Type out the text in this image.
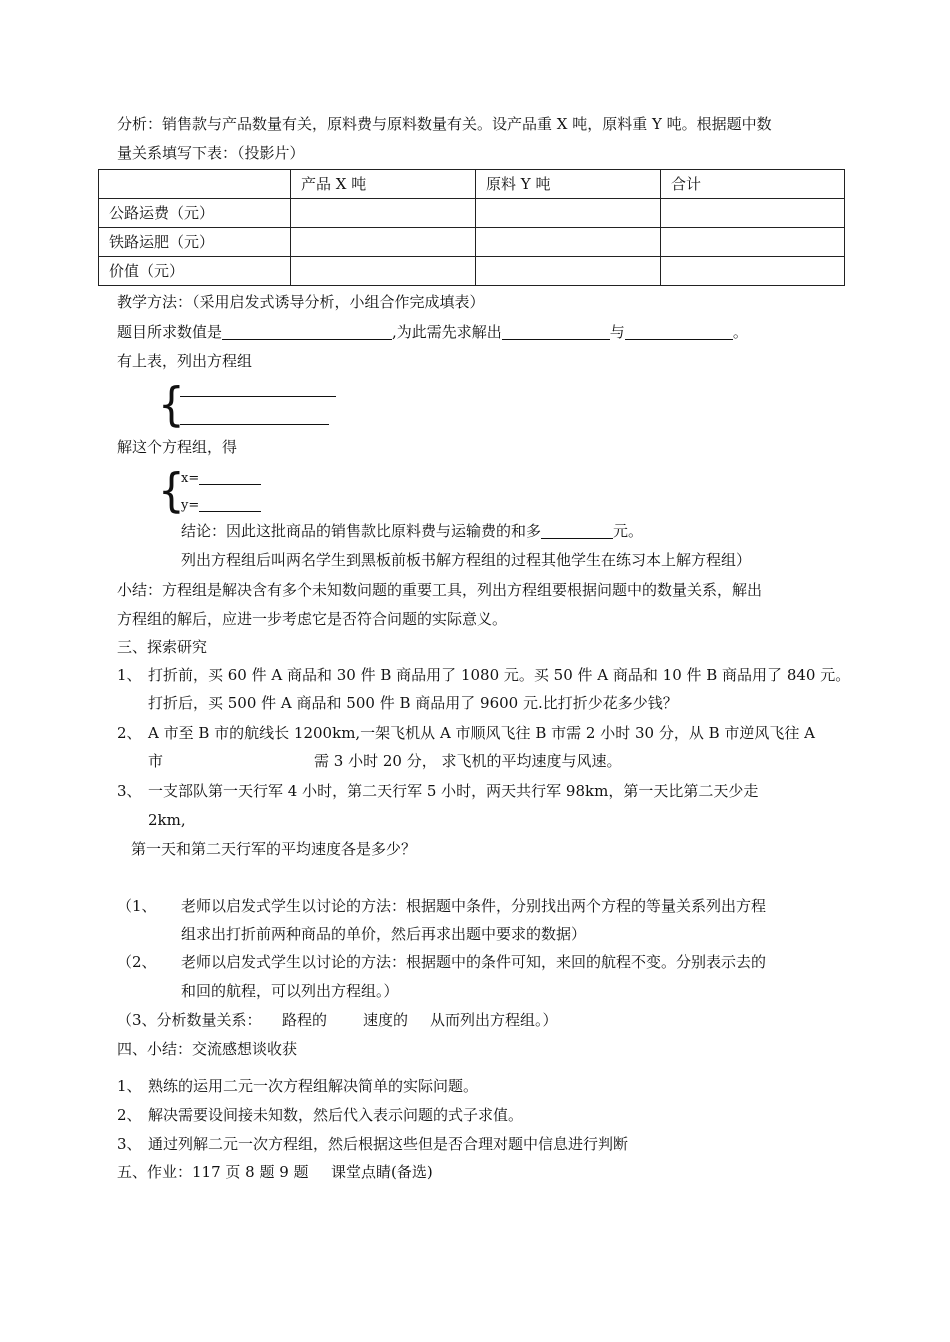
分析：销售款与产品数量有关，原料费与原料数量有关。设产品重 X 吨，原料重 Y 吨。根据题中数
量关系填写下表：（投影片）
	产品 X 吨	原料 Y 吨	合计
公路运费（元）			
铁路运肥（元）			
价值（元）			
教学方法：（采用启发式诱导分析，小组合作完成填表）
题目所求数值是	,为此需先求解出	与	。
有上表，列出方程组
{
解这个方程组，得
{
x=
y=
结论：因此这批商品的销售款比原料费与运输费的和多	元。
列出方程组后叫两名学生到黑板前板书解方程组的过程其他学生在练习本上解方程组）
小结：方程组是解决含有多个未知数问题的重要工具，列出方程组要根据问题中的数量关系，解出
方程组的解后，应进一步考虑它是否符合问题的实际意义。
三、探索研究
1、 打折前，买 60 件 A 商品和 30 件 B 商品用了 1080 元。买 50 件 A 商品和 10 件 B 商品用了 840 元。
打折后，买 500 件 A 商品和 500 件 B 商品用了 9600 元.比打折少花多少钱？
2、 A 市至 B 市的航线长 1200km,一架飞机从 A 市顺风飞往 B 市需 2 小时 30 分，从 B 市逆风飞往 A
市	需 3 小时 20 分， 求飞机的平均速度与风速。
3、 一支部队第一天行军 4 小时，第二天行军 5 小时，两天共行军 98km，第一天比第二天少走
2km,
第一天和第二天行军的平均速度各是多少？
（1、 老师以启发式学生以讨论的方法：根据题中条件，分别找出两个方程的等量关系列出方程
组求出打折前两种商品的单价，然后再求出题中要求的数据）
（2、 老师以启发式学生以讨论的方法：根据题中的条件可知，来回的航程不变。分别表示去的
和回的航程，可以列出方程组。）
（3、分析数量关系： 路程的 速度的 从而列出方程组。）
四、小结：交流感想谈收获
1、 熟练的运用二元一次方程组解决简单的实际问题。
2、 解决需要设间接未知数，然后代入表示问题的式子求值。
3、 通过列解二元一次方程组，然后根据这些但是否合理对题中信息进行判断
五、作业：117 页 8 题 9 题 课堂点睛(备选)
